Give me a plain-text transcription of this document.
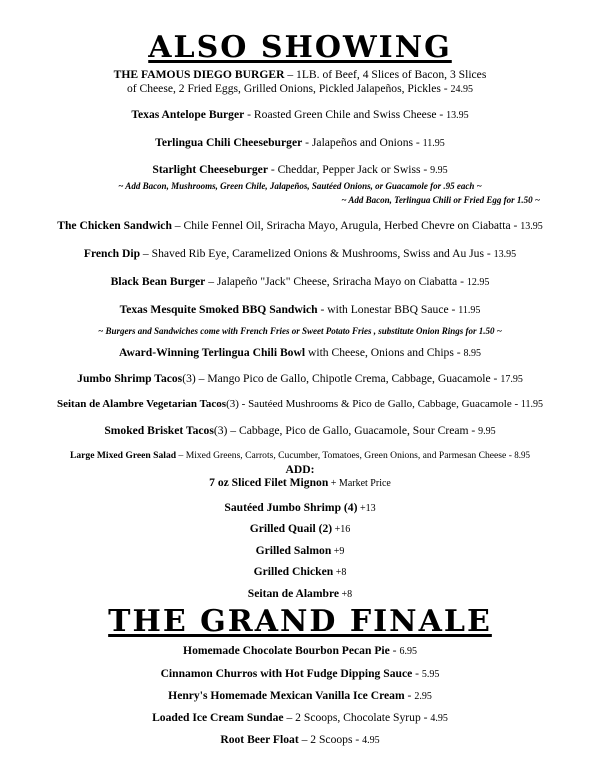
ALSO SHOWING
THE FAMOUS DIEGO BURGER – 1LB. of Beef, 4 Slices of Bacon, 3 Slices
of Cheese, 2 Fried Eggs, Grilled Onions, Pickled Jalapeños, Pickles - 24.95
Texas Antelope Burger - Roasted Green Chile and Swiss Cheese - 13.95
Terlingua Chili Cheeseburger - Jalapeños and Onions - 11.95
Starlight Cheeseburger - Cheddar, Pepper Jack or Swiss - 9.95
~ Add Bacon, Mushrooms, Green Chile, Jalapeños, Sautéed Onions, or Guacamole for .95 each ~
~ Add Bacon, Terlingua Chili or Fried Egg for 1.50 ~
The Chicken Sandwich – Chile Fennel Oil, Sriracha Mayo, Arugula, Herbed Chevre on Ciabatta - 13.95
French Dip – Shaved Rib Eye, Caramelized Onions & Mushrooms, Swiss and Au Jus - 13.95
Black Bean Burger – Jalapeño "Jack" Cheese, Sriracha Mayo on Ciabatta - 12.95
Texas Mesquite Smoked BBQ Sandwich - with Lonestar BBQ Sauce - 11.95
~ Burgers and Sandwiches come with French Fries or Sweet Potato Fries , substitute Onion Rings for 1.50 ~
Award-Winning Terlingua Chili Bowl with Cheese, Onions and Chips - 8.95
Jumbo Shrimp Tacos(3) – Mango Pico de Gallo, Chipotle Crema, Cabbage, Guacamole - 17.95
Seitan de Alambre Vegetarian Tacos(3) - Sautéed Mushrooms & Pico de Gallo, Cabbage, Guacamole - 11.95
Smoked Brisket Tacos(3) – Cabbage, Pico de Gallo, Guacamole, Sour Cream - 9.95
Large Mixed Green Salad – Mixed Greens, Carrots, Cucumber, Tomatoes, Green Onions, and Parmesan Cheese - 8.95
ADD:
7 oz Sliced Filet Mignon + Market Price
Sautéed Jumbo Shrimp (4) +13
Grilled Quail (2) +16
Grilled Salmon +9
Grilled Chicken +8
Seitan de Alambre +8
THE GRAND FINALE
Homemade Chocolate Bourbon Pecan Pie - 6.95
Cinnamon Churros with Hot Fudge Dipping Sauce - 5.95
Henry's Homemade Mexican Vanilla Ice Cream - 2.95
Loaded Ice Cream Sundae – 2 Scoops, Chocolate Syrup - 4.95
Root Beer Float – 2 Scoops - 4.95
